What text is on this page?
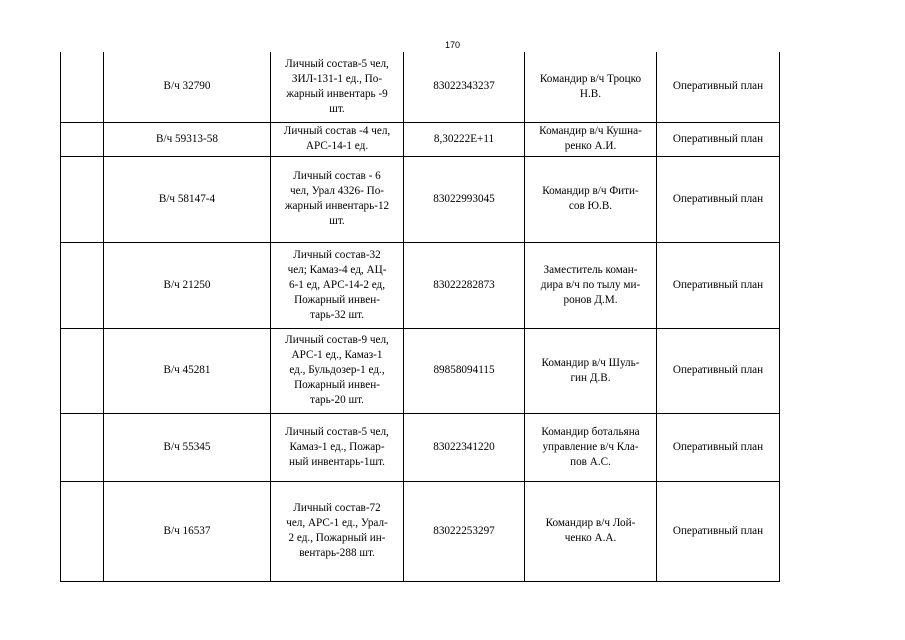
170
	В/ч 32790	Личный состав-5 чел,
ЗИЛ-131-1 ед., По-
жарный инвентарь -9
шт.	83022343237	Командир в/ч Троцко
Н.В.	Оперативный план
	В/ч 59313-58	Личный состав -4 чел,
АРС-14-1 ед.	8,30222E+11	Командир в/ч Кушна-
ренко А.И.	Оперативный план
	В/ч 58147-4	Личный состав - 6
чел, Урал 4326- По-
жарный инвентарь-12
шт.	83022993045	Командир в/ч Фити-
сов Ю.В.	Оперативный план
	В/ч 21250	Личный состав-32
чел; Камаз-4 ед, АЦ-
6-1 ед, АРС-14-2 ед,
Пожарный инвен-
тарь-32 шт.	83022282873	Заместитель коман-
дира в/ч по тылу ми-
ронов Д.М.	Оперативный план
	В/ч 45281	Личный состав-9 чел,
АРС-1 ед., Камаз-1
ед., Бульдозер-1 ед.,
Пожарный инвен-
тарь-20 шт.	89858094115	Командир в/ч Шуль-
гин Д.В.	Оперативный план
	В/ч 55345	Личный состав-5 чел,
Камаз-1 ед., Пожар-
ный инвентарь-1шт.	83022341220	Командир ботальяна
управление в/ч Кла-
пов А.С.	Оперативный план
	В/ч 16537	Личный состав-72
чел, АРС-1 ед., Урал-
2 ед., Пожарный ин-
вентарь-288 шт.	83022253297	Командир в/ч Лой-
ченко А.А.	Оперативный план
